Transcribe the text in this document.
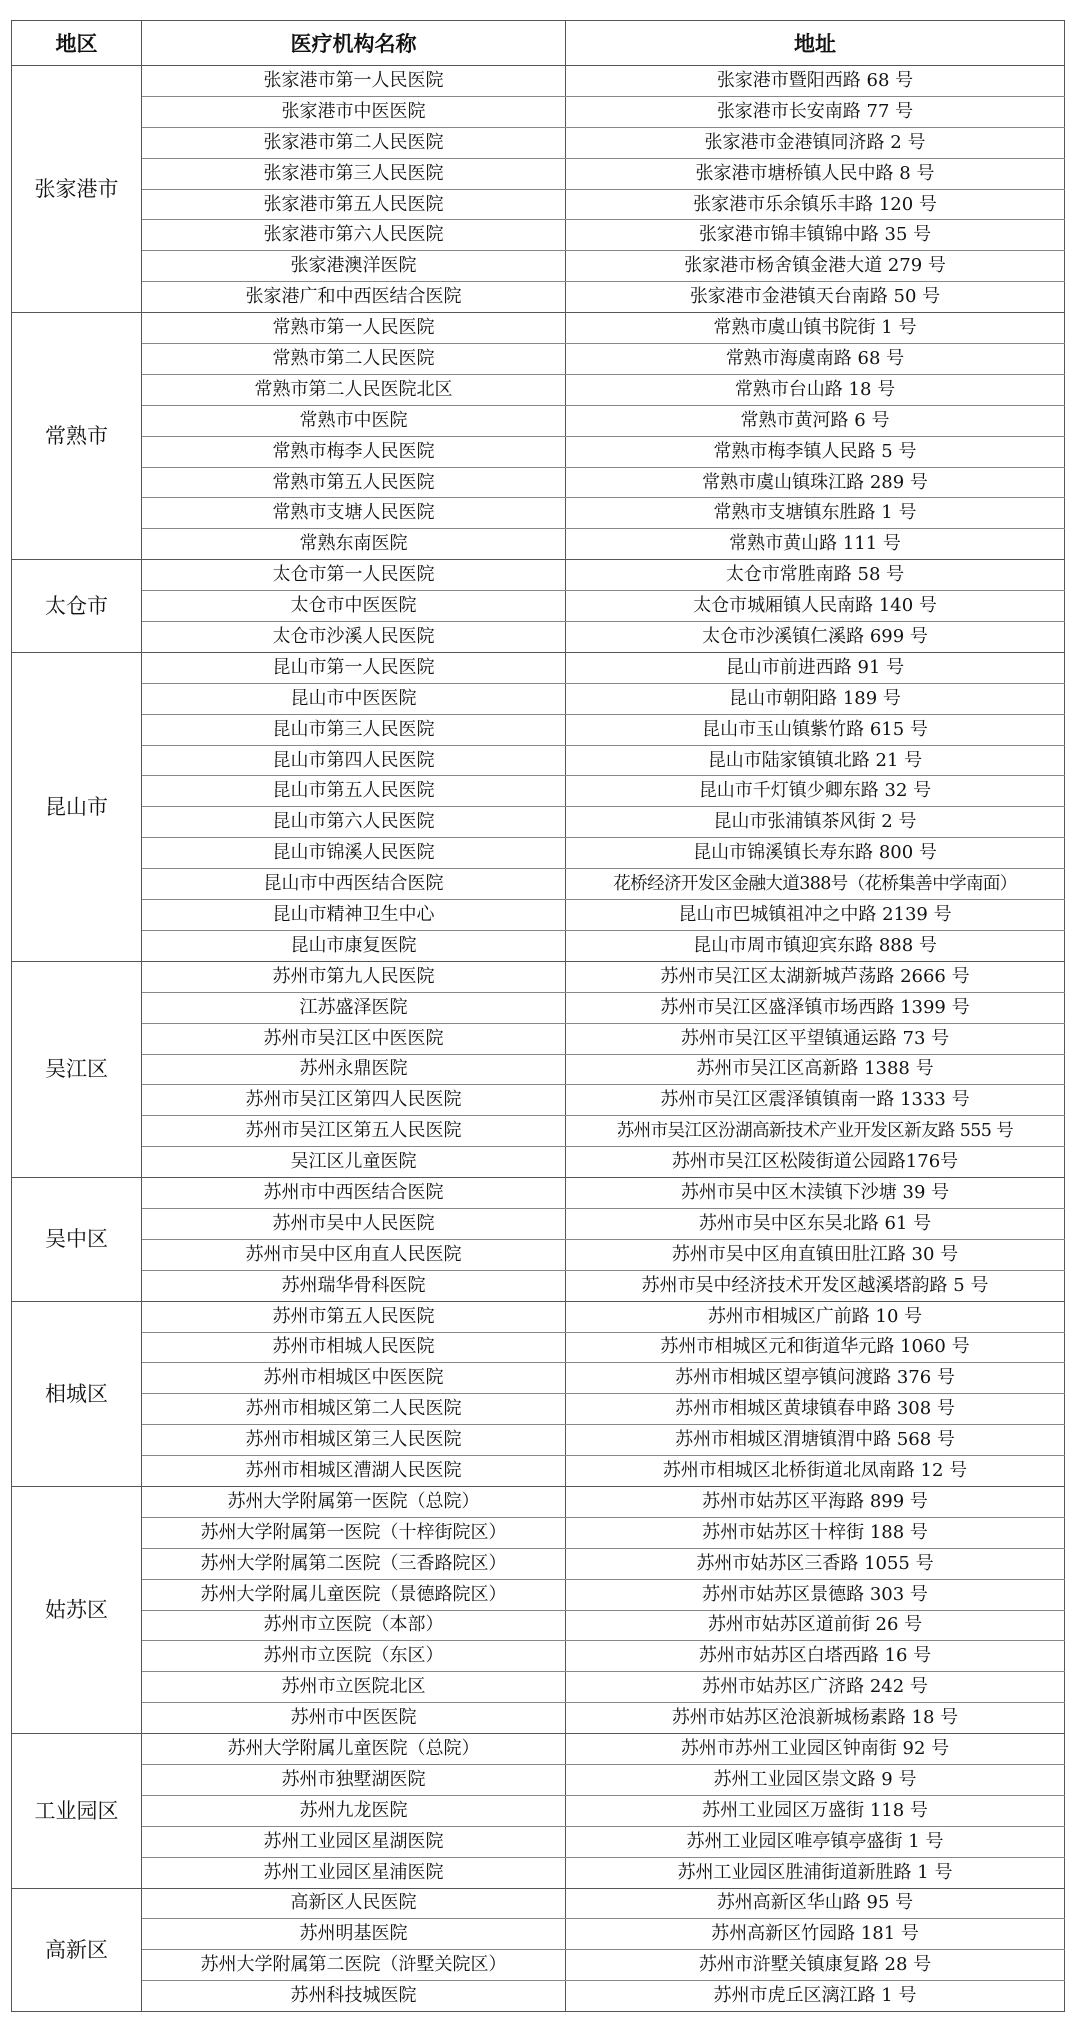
地区	医疗机构名称	地址
张家港市	张家港市第一人民医院	张家港市暨阳西路 68 号
	张家港市中医医院	张家港市长安南路 77 号
	张家港市第二人民医院	张家港市金港镇同济路 2 号
	张家港市第三人民医院	张家港市塘桥镇人民中路 8 号
	张家港市第五人民医院	张家港市乐余镇乐丰路 120 号
	张家港市第六人民医院	张家港市锦丰镇锦中路 35 号
	张家港澳洋医院	张家港市杨舍镇金港大道 279 号
	张家港广和中西医结合医院	张家港市金港镇天台南路 50 号
常熟市	常熟市第一人民医院	常熟市虞山镇书院街 1 号
	常熟市第二人民医院	常熟市海虞南路 68 号
	常熟市第二人民医院北区	常熟市台山路 18 号
	常熟市中医院	常熟市黄河路 6 号
	常熟市梅李人民医院	常熟市梅李镇人民路 5 号
	常熟市第五人民医院	常熟市虞山镇珠江路 289 号
	常熟市支塘人民医院	常熟市支塘镇东胜路 1 号
	常熟东南医院	常熟市黄山路 111 号
太仓市	太仓市第一人民医院	太仓市常胜南路 58 号
	太仓市中医医院	太仓市城厢镇人民南路 140 号
	太仓市沙溪人民医院	太仓市沙溪镇仁溪路 699 号
昆山市	昆山市第一人民医院	昆山市前进西路 91 号
	昆山市中医医院	昆山市朝阳路 189 号
	昆山市第三人民医院	昆山市玉山镇紫竹路 615 号
	昆山市第四人民医院	昆山市陆家镇镇北路 21 号
	昆山市第五人民医院	昆山市千灯镇少卿东路 32 号
	昆山市第六人民医院	昆山市张浦镇茶风街 2 号
	昆山市锦溪人民医院	昆山市锦溪镇长寿东路 800 号
	昆山市中西医结合医院	花桥经济开发区金融大道388号（花桥集善中学南面）
	昆山市精神卫生中心	昆山市巴城镇祖冲之中路 2139 号
	昆山市康复医院	昆山市周市镇迎宾东路 888 号
吴江区	苏州市第九人民医院	苏州市吴江区太湖新城芦荡路 2666 号
	江苏盛泽医院	苏州市吴江区盛泽镇市场西路 1399 号
	苏州市吴江区中医医院	苏州市吴江区平望镇通运路 73 号
	苏州永鼎医院	苏州市吴江区高新路 1388 号
	苏州市吴江区第四人民医院	苏州市吴江区震泽镇镇南一路 1333 号
	苏州市吴江区第五人民医院	苏州市吴江区汾湖高新技术产业开发区新友路 555 号
	吴江区儿童医院	苏州市吴江区松陵街道公园路176号
吴中区	苏州市中西医结合医院	苏州市吴中区木渎镇下沙塘 39 号
	苏州市吴中人民医院	苏州市吴中区东吴北路 61 号
	苏州市吴中区甪直人民医院	苏州市吴中区甪直镇田肚江路 30 号
	苏州瑞华骨科医院	苏州市吴中经济技术开发区越溪塔韵路 5 号
相城区	苏州市第五人民医院	苏州市相城区广前路 10 号
	苏州市相城人民医院	苏州市相城区元和街道华元路 1060 号
	苏州市相城区中医医院	苏州市相城区望亭镇问渡路 376 号
	苏州市相城区第二人民医院	苏州市相城区黄埭镇春申路 308 号
	苏州市相城区第三人民医院	苏州市相城区渭塘镇渭中路 568 号
	苏州市相城区漕湖人民医院	苏州市相城区北桥街道北凤南路 12 号
姑苏区	苏州大学附属第一医院（总院）	苏州市姑苏区平海路 899 号
	苏州大学附属第一医院（十梓街院区）	苏州市姑苏区十梓街 188 号
	苏州大学附属第二医院（三香路院区）	苏州市姑苏区三香路 1055 号
	苏州大学附属儿童医院（景德路院区）	苏州市姑苏区景德路 303 号
	苏州市立医院（本部）	苏州市姑苏区道前街 26 号
	苏州市立医院（东区）	苏州市姑苏区白塔西路 16 号
	苏州市立医院北区	苏州市姑苏区广济路 242 号
	苏州市中医医院	苏州市姑苏区沧浪新城杨素路 18 号
工业园区	苏州大学附属儿童医院（总院）	苏州市苏州工业园区钟南街 92 号
	苏州市独墅湖医院	苏州工业园区崇文路 9 号
	苏州九龙医院	苏州工业园区万盛街 118 号
	苏州工业园区星湖医院	苏州工业园区唯亭镇亭盛街 1 号
	苏州工业园区星浦医院	苏州工业园区胜浦街道新胜路 1 号
高新区	高新区人民医院	苏州高新区华山路 95 号
	苏州明基医院	苏州高新区竹园路 181 号
	苏州大学附属第二医院（浒墅关院区）	苏州市浒墅关镇康复路 28 号
	苏州科技城医院	苏州市虎丘区漓江路 1 号
